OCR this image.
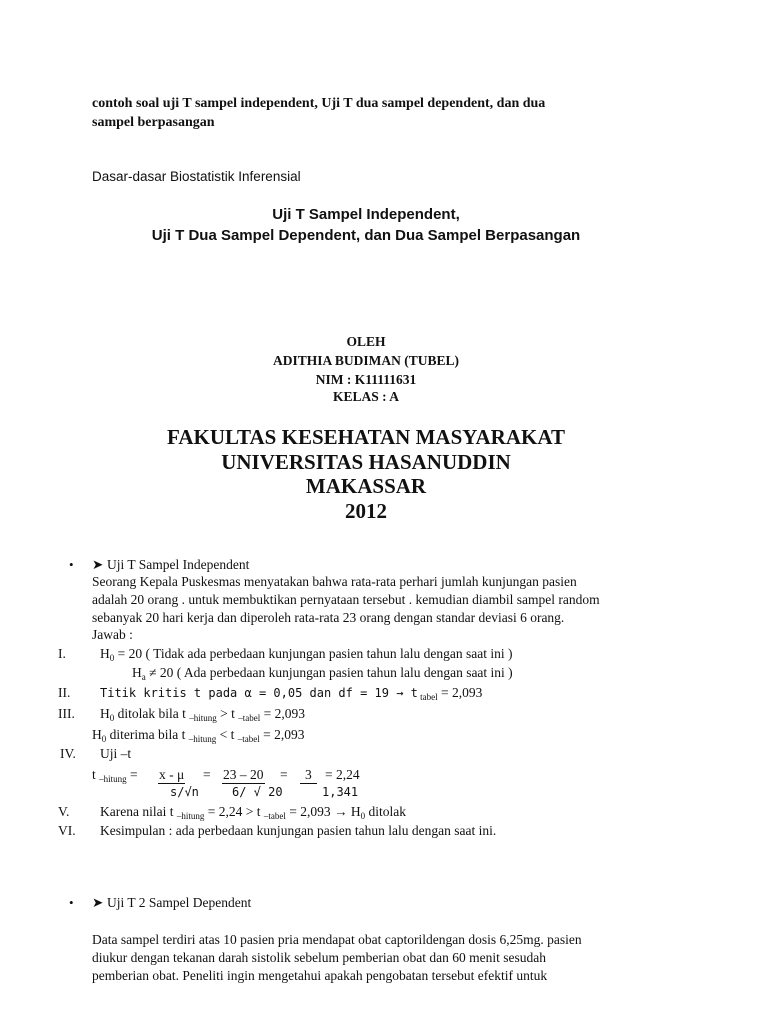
contoh soal uji T sampel independent, Uji T dua sampel dependent, dan dua
sampel berpasangan
Dasar-dasar Biostatistik Inferensial
Uji T Sampel Independent,
Uji T Dua Sampel Dependent, dan Dua Sampel Berpasangan
OLEH
ADITHIA BUDIMAN (TUBEL)
NIM : K11111631
KELAS : A
FAKULTAS KESEHATAN MASYARAKAT
UNIVERSITAS HASANUDDIN
MAKASSAR
2012
• ➤ Uji T Sampel Independent
Seorang Kepala Puskesmas menyatakan bahwa rata-rata perhari jumlah kunjungan pasien
adalah 20 orang . untuk membuktikan pernyataan tersebut . kemudian diambil sampel random
sebanyak 20 hari kerja dan diperoleh rata-rata 23 orang dengan standar deviasi 6 orang.
Jawab :
I.	$H_0 = 20$ ( Tidak ada perbedaan kunjungan pasien tahun lalu dengan saat ini )
$H_a \ne 20$ ( Ada perbedaan kunjungan pasien tahun lalu dengan saat ini )
II. Titik kritis t pada α = 0,05 dan df = 19 → t $_{tabel}$ = 2,093
III. $H_0$ ditolak bila t $_{-hitung}$ > t $_{-tabel}$ = 2,093
$H_0$ diterima bila t $_{-hitung}$ < t $_{-tabel}$ = 2,093
IV. Uji –t
t $_{-hitung}$ = x - μ = 23 – 20 =	3 = 2,24
s/√n	6/ √ 20	1,341
V. Karena nilai t $_{-hitung}$ = 2,24 > t $_{-tabel} = 2,093 \to H_0$ ditolak
VI. Kesimpulan : ada perbedaan kunjungan pasien tahun lalu dengan saat ini.
• ➤ Uji T 2 Sampel Dependent
Data sampel terdiri atas 10 pasien pria mendapat obat captorildengan dosis 6,25mg. pasien
diukur dengan tekanan darah sistolik sebelum pemberian obat dan 60 menit sesudah
pemberian obat. Peneliti ingin mengetahui apakah pengobatan tersebut efektif untuk
